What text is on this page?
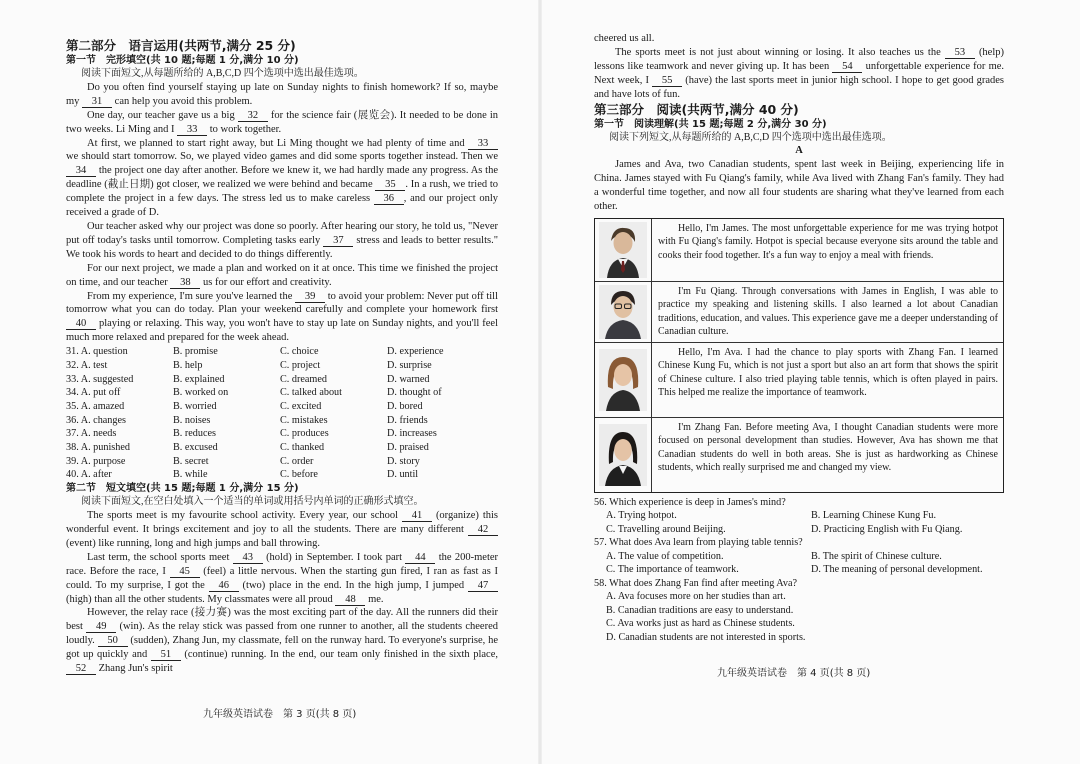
第二部分　语言运用(共两节,满分 25 分)
第一节　完形填空(共 10 题;每题 1 分,满分 10 分)

阅读下面短文,从每题所给的 A,B,C,D 四个选项中选出最佳选项。

Do you often find yourself staying up late on Sunday nights to finish homework? If so, maybe my 31 can help you avoid this problem.

One day, our teacher gave us a big 32 for the science fair (展览会). It needed to be done in two weeks. Li Ming and I 33 to work together.

At first, we planned to start right away, but Li Ming thought we had plenty of time and 33 we should start tomorrow. So, we played video games and did some sports together instead. Then we 34 the project one day after another. Before we knew it, we had hardly made any progress. As the deadline (截止日期) got closer, we realized we were behind and became 35 . In a rush, we tried to complete the project in a few days. The stress led us to make careless 36 , and our project only received a grade of D.

Our teacher asked why our project was done so poorly. After hearing our story, he told us, "Never put off today's tasks until tomorrow. Completing tasks early 37 stress and leads to better results." We took his words to heart and decided to do things differently.

For our next project, we made a plan and worked on it at once. This time we finished the project on time, and our teacher 38 us for our effort and creativity.

From my experience, I'm sure you've learned the 39 to avoid your problem: Never put off till tomorrow what you can do today. Plan your weekend carefully and complete your homework first 40 playing or relaxing. This way, you won't have to stay up late on Sunday nights, and you'll feel much more relaxed and prepared for the week ahead.

31. A. question	B. promise	C. choice	D. experience
32. A. test	B. help	C. project	D. surprise
33. A. suggested	B. explained	C. dreamed	D. warned
34. A. put off	B. worked on	C. talked about	D. thought of
35. A. amazed	B. worried	C. excited	D. bored
36. A. changes	B. noises	C. mistakes	D. friends
37. A. needs	B. reduces	C. produces	D. increases
38. A. punished	B. excused	C. thanked	D. praised
39. A. purpose	B. secret	C. order	D. story
40. A. after	B. while	C. before	D. until
第二节　短文填空(共 15 题;每题 1 分,满分 15 分)

阅读下面短文,在空白处填入一个适当的单词或用括号内单词的正确形式填空。

The sports meet is my favourite school activity. Every year, our school 41 (organize) this wonderful event. It brings excitement and joy to all the students. There are many different 42 (event) like running, long and high jumps and ball throwing.

Last term, the school sports meet 43 (hold) in September. I took part 44 the 200-meter race. Before the race, I 45 (feel) a little nervous. When the starting gun fired, I ran as fast as I could. To my surprise, I got the 46 (two) place in the end. In the high jump, I jumped 47 (high) than all the other students. My classmates were all proud 48 me.

However, the relay race (接力赛) was the most exciting part of the day. All the runners did their best 49 (win). As the relay stick was passed from one runner to another, all the students cheered loudly. 50 (sudden), Zhang Jun, my classmate, fell on the runway hard. To everyone's surprise, he got up quickly and 51 (continue) running. In the end, our team only finished in the sixth place, 52 Zhang Jun's spirit

九年级英语试卷　第 3 页(共 8 页)

cheered us all.

The sports meet is not just about winning or losing. It also teaches us the 53 (help) lessons like teamwork and never giving up. It has been 54 unforgettable experience for me. Next week, I 55 (have) the last sports meet in junior high school. I hope to get good grades and have lots of fun.

第三部分　阅读(共两节,满分 40 分)
第一节　阅读理解(共 15 题;每题 2 分,满分 30 分)

阅读下列短文,从每题所给的 A,B,C,D 四个选项中选出最佳选项。

A

James and Ava, two Canadian students, spent last week in Beijing, experiencing life in China. James stayed with Fu Qiang's family, while Ava lived with Zhang Fan's family. They had a wonderful time together, and now all four students are sharing what they've learned from each other.

Hello, I'm James. The most unforgettable experience for me was trying hotpot with Fu Qiang's family. Hotpot is special because everyone sits around the table and cooks their food together. It's a fun way to enjoy a meal with friends.
I'm Fu Qiang. Through conversations with James in English, I was able to practice my speaking and listening skills. I also learned a lot about Canadian traditions, education, and values. This experience gave me a deeper understanding of Canadian culture.
Hello, I'm Ava. I had the chance to play sports with Zhang Fan. I learned Chinese Kung Fu, which is not just a sport but also an art form that shows the spirit of Chinese culture. I also tried playing table tennis, which is often played in pairs. This helped me realize the importance of teamwork.
I'm Zhang Fan. Before meeting Ava, I thought Canadian students were more focused on personal development than studies. However, Ava has shown me that Canadian students do well in both areas. She is just as hardworking as Chinese students, which really surprised me and changed my view.
56. Which experience is deep in James's mind?
A. Trying hotpot.	B. Learning Chinese Kung Fu.
C. Travelling around Beijing.	D. Practicing English with Fu Qiang.
57. What does Ava learn from playing table tennis?
A. The value of competition.	B. The spirit of Chinese culture.
C. The importance of teamwork.	D. The meaning of personal development.
58. What does Zhang Fan find after meeting Ava?
A. Ava focuses more on her studies than art.
B. Canadian traditions are easy to understand.
C. Ava works just as hard as Chinese students.
D. Canadian students are not interested in sports.
九年级英语试卷　第 4 页(共 8 页)
